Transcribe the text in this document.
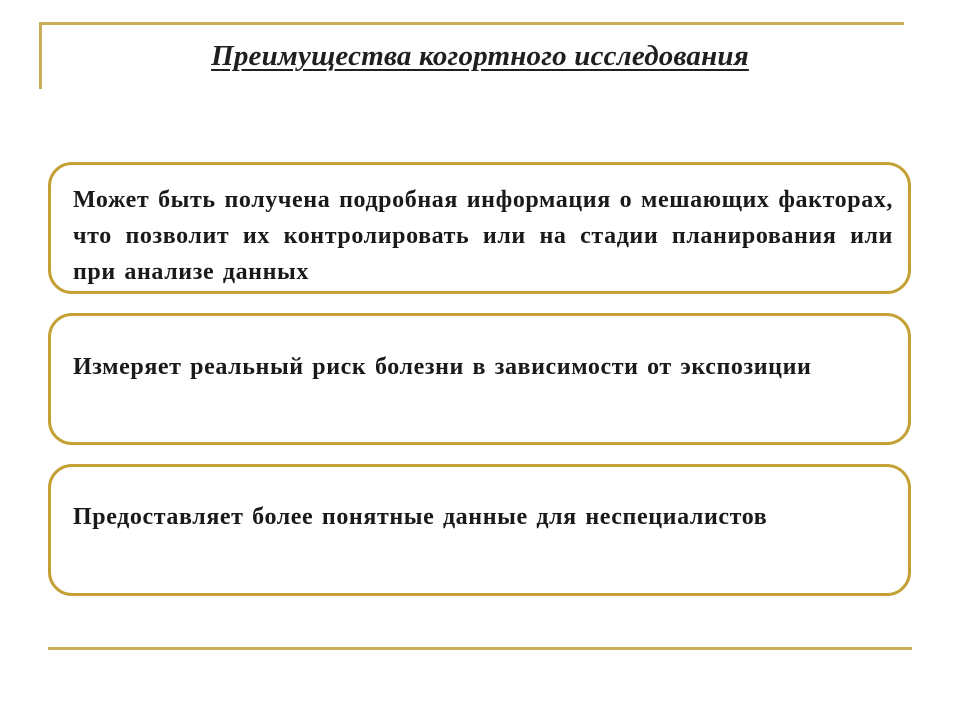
Преимущества когортного исследования
Может быть получена подробная информация о мешающих факторах, что позволит их контролировать или на стадии планирования или при анализе данных
Измеряет реальный риск болезни в зависимости от экспозиции
Предоставляет более понятные данные для неспециалистов
